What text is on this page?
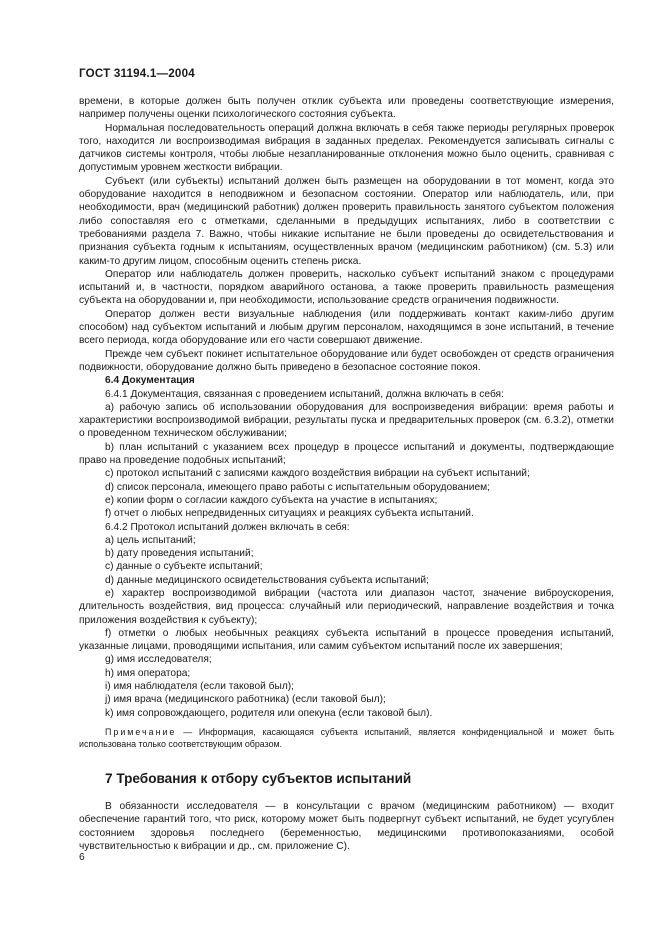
ГОСТ 31194.1—2004

времени, в которые должен быть получен отклик субъекта или проведены соответствующие измерения, например получены оценки психологического состояния субъекта.

Нормальная последовательность операций должна включать в себя также периоды регулярных проверок того, находится ли воспроизводимая вибрация в заданных пределах. Рекомендуется записывать сигналы с датчиков системы контроля, чтобы любые незапланированные отклонения можно было оценить, сравнивая с допустимым уровнем жесткости вибрации.

Субъект (или субъекты) испытаний должен быть размещен на оборудовании в тот момент, когда это оборудование находится в неподвижном и безопасном состоянии. Оператор или наблюдатель, или, при необходимости, врач (медицинский работник) должен проверить правильность занятого субъектом положения либо сопоставляя его с отметками, сделанными в предыдущих испытаниях, либо в соответствии с требованиями раздела 7. Важно, чтобы никакие испытание не были проведены до освидетельствования и признания субъекта годным к испытаниям, осуществленных врачом (медицинским работником) (см. 5.3) или каким-то другим лицом, способным оценить степень риска.

Оператор или наблюдатель должен проверить, насколько субъект испытаний знаком с процедурами испытаний и, в частности, порядком аварийного останова, а также проверить правильность размещения субъекта на оборудовании и, при необходимости, использование средств ограничения подвижности.

Оператор должен вести визуальные наблюдения (или поддерживать контакт каким-либо другим способом) над субъектом испытаний и любым другим персоналом, находящимся в зоне испытаний, в течение всего периода, когда оборудование или его части совершают движение.

Прежде чем субъект покинет испытательное оборудование или будет освобожден от средств ограничения подвижности, оборудование должно быть приведено в безопасное состояние покоя.

6.4 Документация

6.4.1 Документация, связанная с проведением испытаний, должна включать в себя:

а) рабочую запись об использовании оборудования для воспроизведения вибрации: время работы и характеристики воспроизводимой вибрации, результаты пуска и предварительных проверок (см. 6.3.2), отметки о проведенном техническом обслуживании;

b) план испытаний с указанием всех процедур в процессе испытаний и документы, подтверждающие право на проведение подобных испытаний;

c) протокол испытаний с записями каждого воздействия вибрации на субъект испытаний;

d) список персонала, имеющего право работы с испытательным оборудованием;

е) копии форм о согласии каждого субъекта на участие в испытаниях;

f) отчет о любых непредвиденных ситуациях и реакциях субъекта испытаний.

6.4.2 Протокол испытаний должен включать в себя:

а) цель испытаний;

b) дату проведения испытаний;

c) данные о субъекте испытаний;

d) данные медицинского освидетельствования субъекта испытаний;

е) характер воспроизводимой вибрации (частота или диапазон частот, значение виброускорения, длительность воздействия, вид процесса: случайный или периодический, направление воздействия и точка приложения воздействия к субъекту);

f) отметки о любых необычных реакциях субъекта испытаний в процессе проведения испытаний, указанные лицами, проводящими испытания, или самим субъектом испытаний после их завершения;

g) имя исследователя;

h) имя оператора;

i) имя наблюдателя (если таковой был);

j) имя врача (медицинского работника) (если таковой был);

k) имя сопровождающего, родителя или опекуна (если таковой был).

Примечание — Информация, касающаяся субъекта испытаний, является конфиденциальной и может быть использована только соответствующим образом.

7 Требования к отбору субъектов испытаний

В обязанности исследователя — в консультации с врачом (медицинским работником) — входит обеспечение гарантий того, что риск, которому может быть подвергнут субъект испытаний, не будет усугублен состоянием здоровья последнего (беременностью, медицинскими противопоказаниями, особой чувствительностью к вибрации и др., см. приложение С).

6
